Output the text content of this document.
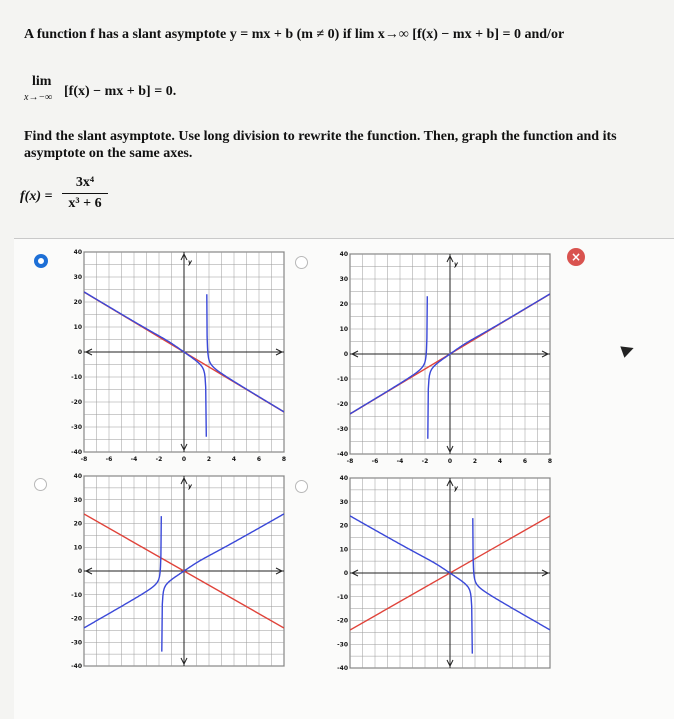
A function f has a slant asymptote y = mx + b (m ≠ 0) if lim x→∞ [f(x) − mx + b] = 0 and/or
lim
x→−∞ [f(x) − mx + b] = 0.
Find the slant asymptote. Use long division to rewrite the function. Then, graph the function and its asymptote on the same axes.
$f(x) = \frac{\text{3x⁴}}{\text{x³ + 6}}$
×
y
40
30
20
10
0
-10
-20
-30
-40
-8	-6	-4	-2	0	2	4	6	8
y
40
30
20
10
0
-10
-20
-30
-40
-8	-6	-4	-2	0	2	4	6	8
y
40
30
20
10
0
-10
-20
-30
-40
y
40
30
20
10
0
-10
-20
-30
-40
